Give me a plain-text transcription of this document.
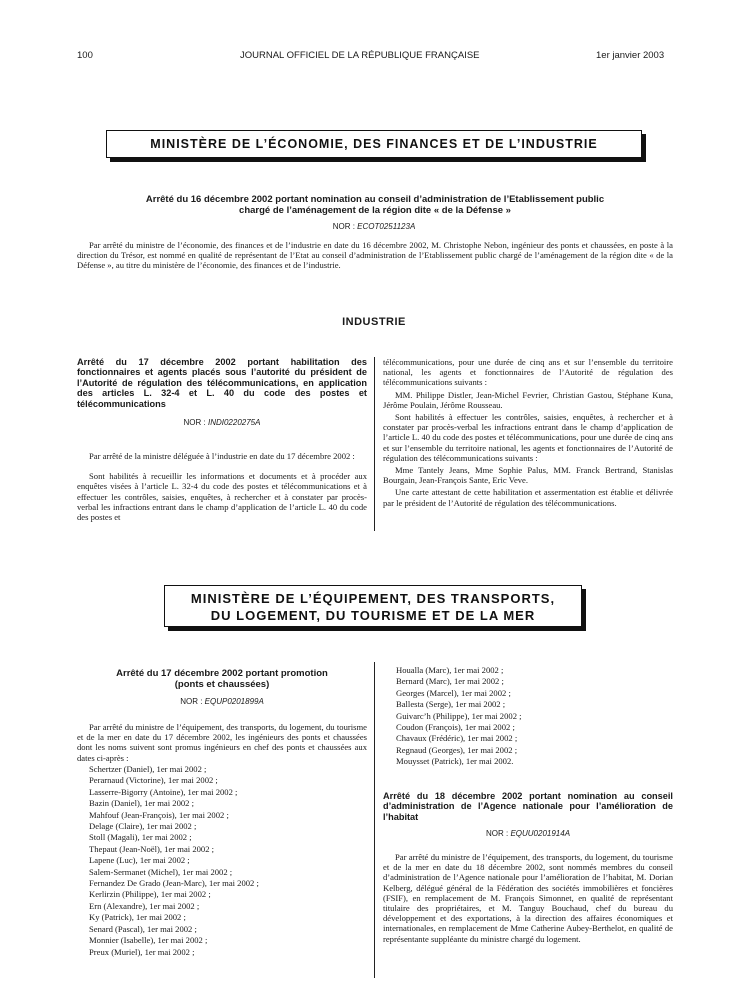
100	JOURNAL OFFICIEL DE LA RÉPUBLIQUE FRANÇAISE	1er janvier 2003
MINISTÈRE DE L’ÉCONOMIE, DES FINANCES ET DE L’INDUSTRIE
Arrêté du 16 décembre 2002 portant nomination au conseil d’administration de l’Etablissement public
chargé de l’aménagement de la région dite « de la Défense »
NOR : ECOT0251123A

Par arrêté du ministre de l’économie, des finances et de l’industrie en date du 16 décembre 2002, M. Christophe Nebon, ingénieur des ponts et chaussées, en poste à la direction du Trésor, est nommé en qualité de représentant de l’Etat au conseil d’administration de l’Etablissement public chargé de l’aménagement de la région dite « de la Défense », au titre du ministère de l’économie, des finances et de l’industrie.

INDUSTRIE
Arrêté du 17 décembre 2002 portant habilitation des fonctionnaires et agents placés sous l’autorité du président de l’Autorité de régulation des télécommunications, en application des articles L. 32-4 et L. 40 du code des postes et télécommunications
NOR : INDI0220275A

Par arrêté de la ministre déléguée à l’industrie en date du 17 décembre 2002 :

Sont habilités à recueillir les informations et documents et à procéder aux enquêtes visées à l’article L. 32-4 du code des postes et télécommunications et à effectuer les contrôles, saisies, enquêtes, à rechercher et à constater par procès-verbal les infractions entrant dans le champ d’application de l’article L. 40 du code des postes et

télécommunications, pour une durée de cinq ans et sur l’ensemble du territoire national, les agents et fonctionnaires de l’Autorité de régulation des télécommunications suivants :

MM. Philippe Distler, Jean-Michel Fevrier, Christian Gastou, Stéphane Kuna, Jérôme Poulain, Jérôme Rousseau.

Sont habilités à effectuer les contrôles, saisies, enquêtes, à rechercher et à constater par procès-verbal les infractions entrant dans le champ d’application de l’article L. 40 du code des postes et télécommunications, pour une durée de cinq ans et sur l’ensemble du territoire national, les agents et fonctionnaires de l’Autorité de régulation des télécommunications suivants :

Mme Tantely Jeans, Mme Sophie Palus, MM. Franck Bertrand, Stanislas Bourgain, Jean-François Sante, Eric Veve.

Une carte attestant de cette habilitation et assermentation est établie et délivrée par le président de l’Autorité de régulation des télécommunications.

MINISTÈRE DE L’ÉQUIPEMENT, DES TRANSPORTS,
DU LOGEMENT, DU TOURISME ET DE LA MER
Arrêté du 17 décembre 2002 portant promotion
(ponts et chaussées)
NOR : EQUP0201899A

Par arrêté du ministre de l’équipement, des transports, du logement, du tourisme et de la mer en date du 17 décembre 2002, les ingénieurs des ponts et chaussées dont les noms suivent sont promus ingénieurs en chef des ponts et chaussées aux dates ci-après :

Schertzer (Daniel), 1er mai 2002 ;
Perarnaud (Victorine), 1er mai 2002 ;
Lasserre-Bigorry (Antoine), 1er mai 2002 ;
Bazin (Daniel), 1er mai 2002 ;
Mahfouf (Jean-François), 1er mai 2002 ;
Delage (Claire), 1er mai 2002 ;
Stoll (Magali), 1er mai 2002 ;
Thepaut (Jean-Noël), 1er mai 2002 ;
Lapene (Luc), 1er mai 2002 ;
Salem-Sermanet (Michel), 1er mai 2002 ;
Fernandez De Grado (Jean-Marc), 1er mai 2002 ;
Kerlirzin (Philippe), 1er mai 2002 ;
Ern (Alexandre), 1er mai 2002 ;
Ky (Patrick), 1er mai 2002 ;
Senard (Pascal), 1er mai 2002 ;
Monnier (Isabelle), 1er mai 2002 ;
Preux (Muriel), 1er mai 2002 ;
Houalla (Marc), 1er mai 2002 ;
Bernard (Marc), 1er mai 2002 ;
Georges (Marcel), 1er mai 2002 ;
Ballesta (Serge), 1er mai 2002 ;
Guivarc’h (Philippe), 1er mai 2002 ;
Coudon (François), 1er mai 2002 ;
Chavaux (Frédéric), 1er mai 2002 ;
Regnaud (Georges), 1er mai 2002 ;
Mouysset (Patrick), 1er mai 2002.
Arrêté du 18 décembre 2002 portant nomination au conseil d’administration de l’Agence nationale pour l’amélioration de l’habitat
NOR : EQUU0201914A

Par arrêté du ministre de l’équipement, des transports, du logement, du tourisme et de la mer en date du 18 décembre 2002, sont nommés membres du conseil d’administration de l’Agence nationale pour l’amélioration de l’habitat, M. Dorian Kelberg, délégué général de la Fédération des sociétés immobilières et foncières (FSIF), en remplacement de M. François Simonnet, en qualité de représentant titulaire des propriétaires, et M. Tanguy Bouchaud, chef du bureau du développement et des exportations, à la direction des affaires économiques et internationales, en remplacement de Mme Catherine Aubey-Berthelot, en qualité de représentante suppléante du ministre chargé du logement.
